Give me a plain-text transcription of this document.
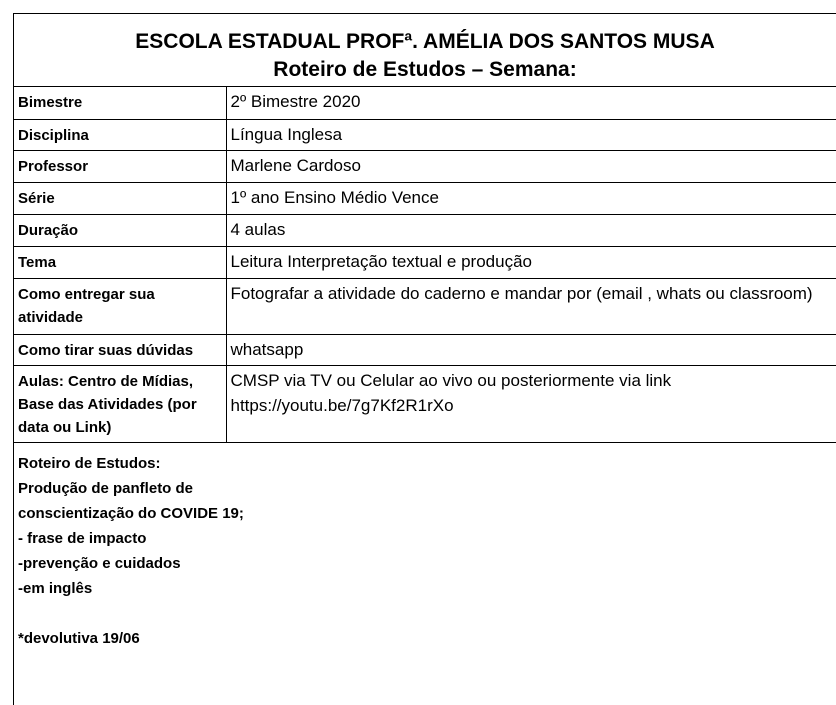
ESCOLA ESTADUAL PROFª. AMÉLIA DOS SANTOS MUSA
Roteiro de Estudos – Semana:
Bimestre	2º Bimestre 2020
Disciplina	Língua Inglesa
Professor	Marlene Cardoso
Série	1º ano Ensino Médio Vence
Duração	4 aulas
Tema	Leitura Interpretação textual e produção
Como entregar sua atividade	Fotografar a atividade do caderno e mandar por (email , whats ou classroom)
Como tirar suas dúvidas	whatsapp
Aulas: Centro de Mídias, Base das Atividades (por data ou Link)	CMSP via TV ou Celular ao vivo ou posteriormente via link https://youtu.be/7g7Kf2R1rXo
Roteiro de Estudos:
Produção de panfleto de
conscientização do COVIDE 19;
- frase de impacto
-prevenção e cuidados
-em inglês
*devolutiva 19/06
